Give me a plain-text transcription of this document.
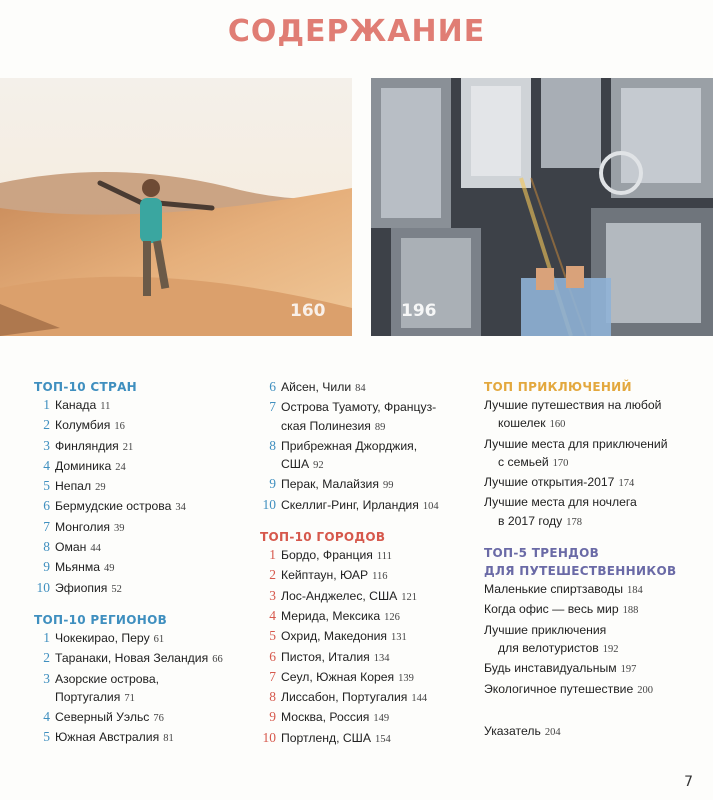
СОДЕРЖАНИЕ
160	196
ТОП-10 СТРАН
1 Канада 11
2 Колумбия 16
3 Финляндия 21
4 Доминика 24
5 Непал 29
6 Бермудские острова 34
7 Монголия 39
8 Оман 44
9 Мьянма 49
10 Эфиопия 52
ТОП-10 РЕГИОНОВ
1 Чокекирао, Перу 61
2 Таранаки, Новая Зеландия 66
3 Азорские острова,
Португалия 71
4 Северный Уэльс 76
5 Южная Австралия 81
6 Айсен, Чили 84
7 Острова Туамоту, Француз-
ская Полинезия 89
8 Прибрежная Джорджия,
США 92
9 Перак, Малайзия 99
10 Скеллиг-Ринг, Ирландия 104
ТОП-10 ГОРОДОВ
1 Бордо, Франция 111
2 Кейптаун, ЮАР 116
3 Лос-Анджелес, США 121
4 Мерида, Мексика 126
5 Охрид, Македония 131
6 Пистоя, Италия 134
7 Сеул, Южная Корея 139
8 Лиссабон, Португалия 144
9 Москва, Россия 149
10 Портленд, США 154
ТОП ПРИКЛЮЧЕНИЙ
Лучшие путешествия на любой
кошелек 160
Лучшие места для приключений
с семьей 170
Лучшие открытия-2017 174
Лучшие места для ночлега
в 2017 году 178
ТОП-5 ТРЕНДОВ
ДЛЯ ПУТЕШЕСТВЕННИКОВ
Маленькие спиртзаводы 184
Когда офис — весь мир 188
Лучшие приключения
для велотуристов 192
Будь инставидуальным 197
Экологичное путешествие 200
Указатель 204
7
